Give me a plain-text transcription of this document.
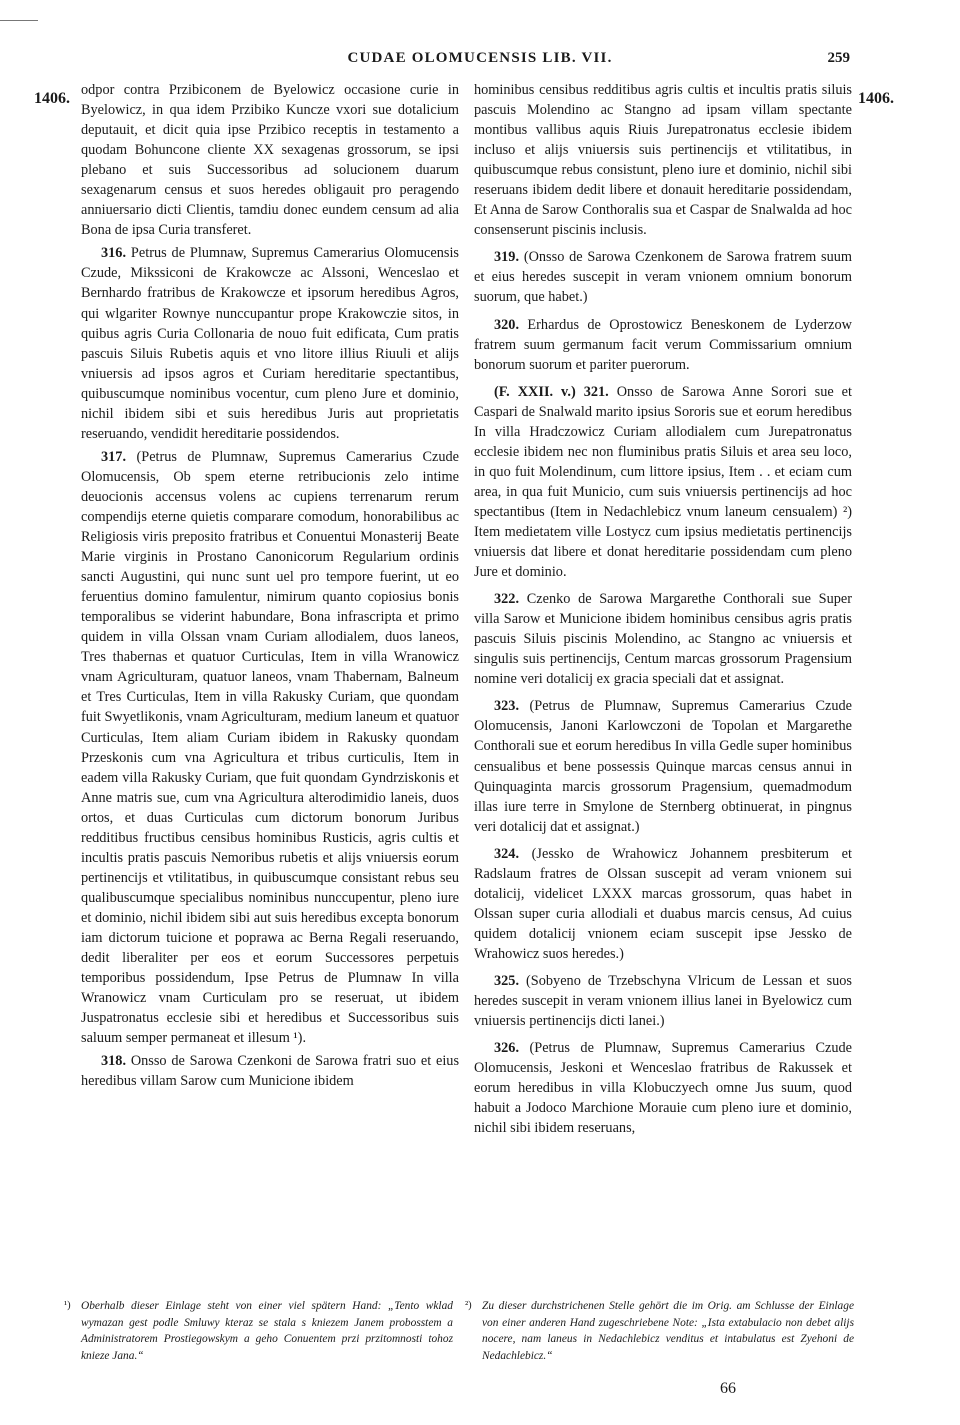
CUDAE OLOMUCENSIS LIB. VII.	259
1406.	1406.

odpor contra Przibiconem de Byelowicz occasione curie in Byelowicz, in qua idem Przibiko Kuncze vxori sue dotalicium deputauit, et dicit quia ipse Przibico receptis in testamento a quodam Bohuncone cliente XX sexagenas grossorum, se ipsi plebano et suis Successoribus ad solucionem duarum sexagenarum census et suos heredes obligauit pro peragendo anniuersario dicti Clientis, tamdiu donec eundem censum ad alia Bona de ipsa Curia transferet.

316. Petrus de Plumnaw, Supremus Camerarius Olomucensis Czude, Mikssiconi de Krakowcze ac Alssoni, Wenceslao et Bernhardo fratribus de Krakowcze et ipsorum heredibus Agros, qui wlgariter Rownye nunccupantur prope Krakowczie sitos, in quibus agris Curia Collonaria de nouo fuit edificata, Cum pratis pascuis Siluis Rubetis aquis et vno litore illius Riuuli et alijs vniuersis ad ipsos agros et Curiam hereditarie spectantibus, quibuscumque nominibus vocentur, cum pleno Jure et dominio, nichil ibidem sibi et suis heredibus Juris aut proprietatis reseruando, vendidit hereditarie possidendos.

317. (Petrus de Plumnaw, Supremus Camerarius Czude Olomucensis, Ob spem eterne retribucionis zelo intime deuocionis accensus volens ac cupiens terrenarum rerum compendijs eterne quietis comparare comodum, honorabilibus ac Religiosis viris preposito fratribus et Conuentui Monasterij Beate Marie virginis in Prostano Canonicorum Regularium ordinis sancti Augustini, qui nunc sunt uel pro tempore fuerint, ut eo feruentius domino famulentur, nimirum quanto copiosius bonis temporalibus se viderint habundare, Bona infrascripta et primo quidem in villa Olssan vnam Curiam allodialem, duos laneos, Tres thabernas et quatuor Curticulas, Item in villa Wranowicz vnam Agriculturam, quatuor laneos, vnam Thabernam, Balneum et Tres Curticulas, Item in villa Rakusky Curiam, que quondam fuit Swyetlikonis, vnam Agriculturam, medium laneum et quatuor Curticulas, Item aliam Curiam ibidem in Rakusky quondam Przeskonis cum vna Agricultura et tribus curticulis, Item in eadem villa Rakusky Curiam, que fuit quondam Gyndrziskonis et Anne matris sue, cum vna Agricultura alterodimidio laneis, duos ortos, et duas Curticulas cum dictorum bonorum Juribus redditibus fructibus censibus hominibus Rusticis, agris cultis et incultis pratis pascuis Nemoribus rubetis et alijs vniuersis eorum pertinencijs et vtilitatibus, in quibuscumque consistant rebus seu qualibuscumque specialibus nominibus nunccupentur, pleno iure et dominio, nichil ibidem sibi aut suis heredibus excepta bonorum iam dictorum tuicione et poprawa ac Berna Regali reseruando, dedit liberaliter per eos et eorum Successores perpetuis temporibus possidendum, Ipse Petrus de Plumnaw In villa Wranowicz vnam Curticulam pro se reseruat, ut ibidem Juspatronatus ecclesie sibi et heredibus et Successoribus suis saluum semper permaneat et illesum ¹).

318. Onsso de Sarowa Czenkoni de Sarowa fratri suo et eius heredibus villam Sarow cum Municione ibidem

hominibus censibus redditibus agris cultis et incultis pratis siluis pascuis Molendino ac Stangno ad ipsam villam spectante montibus vallibus aquis Riuis Jurepatronatus ecclesie ibidem incluso et alijs vniuersis suis pertinencijs et vtilitatibus, in quibuscumque rebus consistunt, pleno iure et dominio, nichil sibi reseruans ibidem dedit libere et donauit hereditarie possidendam, Et Anna de Sarow Conthoralis sua et Caspar de Snalwalda ad hoc consenserunt piscinis inclusis.

319. (Onsso de Sarowa Czenkonem de Sarowa fratrem suum et eius heredes suscepit in veram vnionem omnium bonorum suorum, que habet.)

320. Erhardus de Oprostowicz Beneskonem de Lyderzow fratrem suum germanum facit verum Commissarium omnium bonorum suorum et pariter puerorum.

(F. XXII. v.) 321. Onsso de Sarowa Anne Sorori sue et Caspari de Snalwald marito ipsius Sororis sue et eorum heredibus In villa Hradczowicz Curiam allodialem cum Jurepatronatus ecclesie ibidem nec non fluminibus pratis Siluis et area seu loco, in quo fuit Molendinum, cum littore ipsius, Item . . et eciam cum area, in qua fuit Municio, cum suis vniuersis pertinencijs ad hoc spectantibus (Item in Nedachlebicz vnum laneum censualem) ²) Item medietatem ville Lostycz cum ipsius medietatis pertinencijs vniuersis dat libere et donat hereditarie possidendam cum pleno Jure et dominio.

322. Czenko de Sarowa Margarethe Conthorali sue Super villa Sarow et Municione ibidem hominibus censibus agris pratis pascuis Siluis piscinis Molendino, ac Stangno ac vniuersis et singulis suis pertinencijs, Centum marcas grossorum Pragensium nomine veri dotalicij ex gracia speciali dat et assignat.

323. (Petrus de Plumnaw, Supremus Camerarius Czude Olomucensis, Janoni Karlowczoni de Topolan et Margarethe Conthorali sue et eorum heredibus In villa Gedle super hominibus censualibus et bene possessis Quinque marcas census annui in Quinquaginta marcis grossorum Pragensium, quemadmodum illas iure terre in Smylone de Sternberg obtinuerat, in pingnus veri dotalicij dat et assignat.)

324. (Jessko de Wrahowicz Johannem presbiterum et Radslaum fratres de Olssan suscepit ad veram vnionem sui dotalicij, videlicet LXXX marcas grossorum, quas habet in Olssan super curia allodiali et duabus marcis census, Ad cuius quidem dotalicij vnionem eciam suscepit ipse Jessko de Wrahowicz suos heredes.)

325. (Sobyeno de Trzebschyna Vlricum de Lessan et suos heredes suscepit in veram vnionem illius lanei in Byelowicz cum vniuersis pertinencijs dicti lanei.)

326. (Petrus de Plumnaw, Supremus Camerarius Czude Olomucensis, Jeskoni et Wenceslao fratribus de Rakussek et eorum heredibus in villa Klobuczyech omne Jus suum, quod habuit a Jodoco Marchione Morauie cum pleno iure et dominio, nichil sibi ibidem reseruans,

¹) Oberhalb dieser Einlage steht von einer viel spätern Hand: „Tento wklad wymazan gest podle Smluwy kteraz se stala s kniezem Janem probosstem a Administratorem Prostiegowskym a geho Conuentem przi przitomnosti tohoz knieze Jana.“
²) Zu dieser durchstrichenen Stelle gehört die im Orig. am Schlusse der Einlage von einer anderen Hand zugeschriebene Note: „Ista extabulacio non debet alijs nocere, nam laneus in Nedachlebicz venditus et intabulatus est Zyehoni de Nedachlebicz.“
66
